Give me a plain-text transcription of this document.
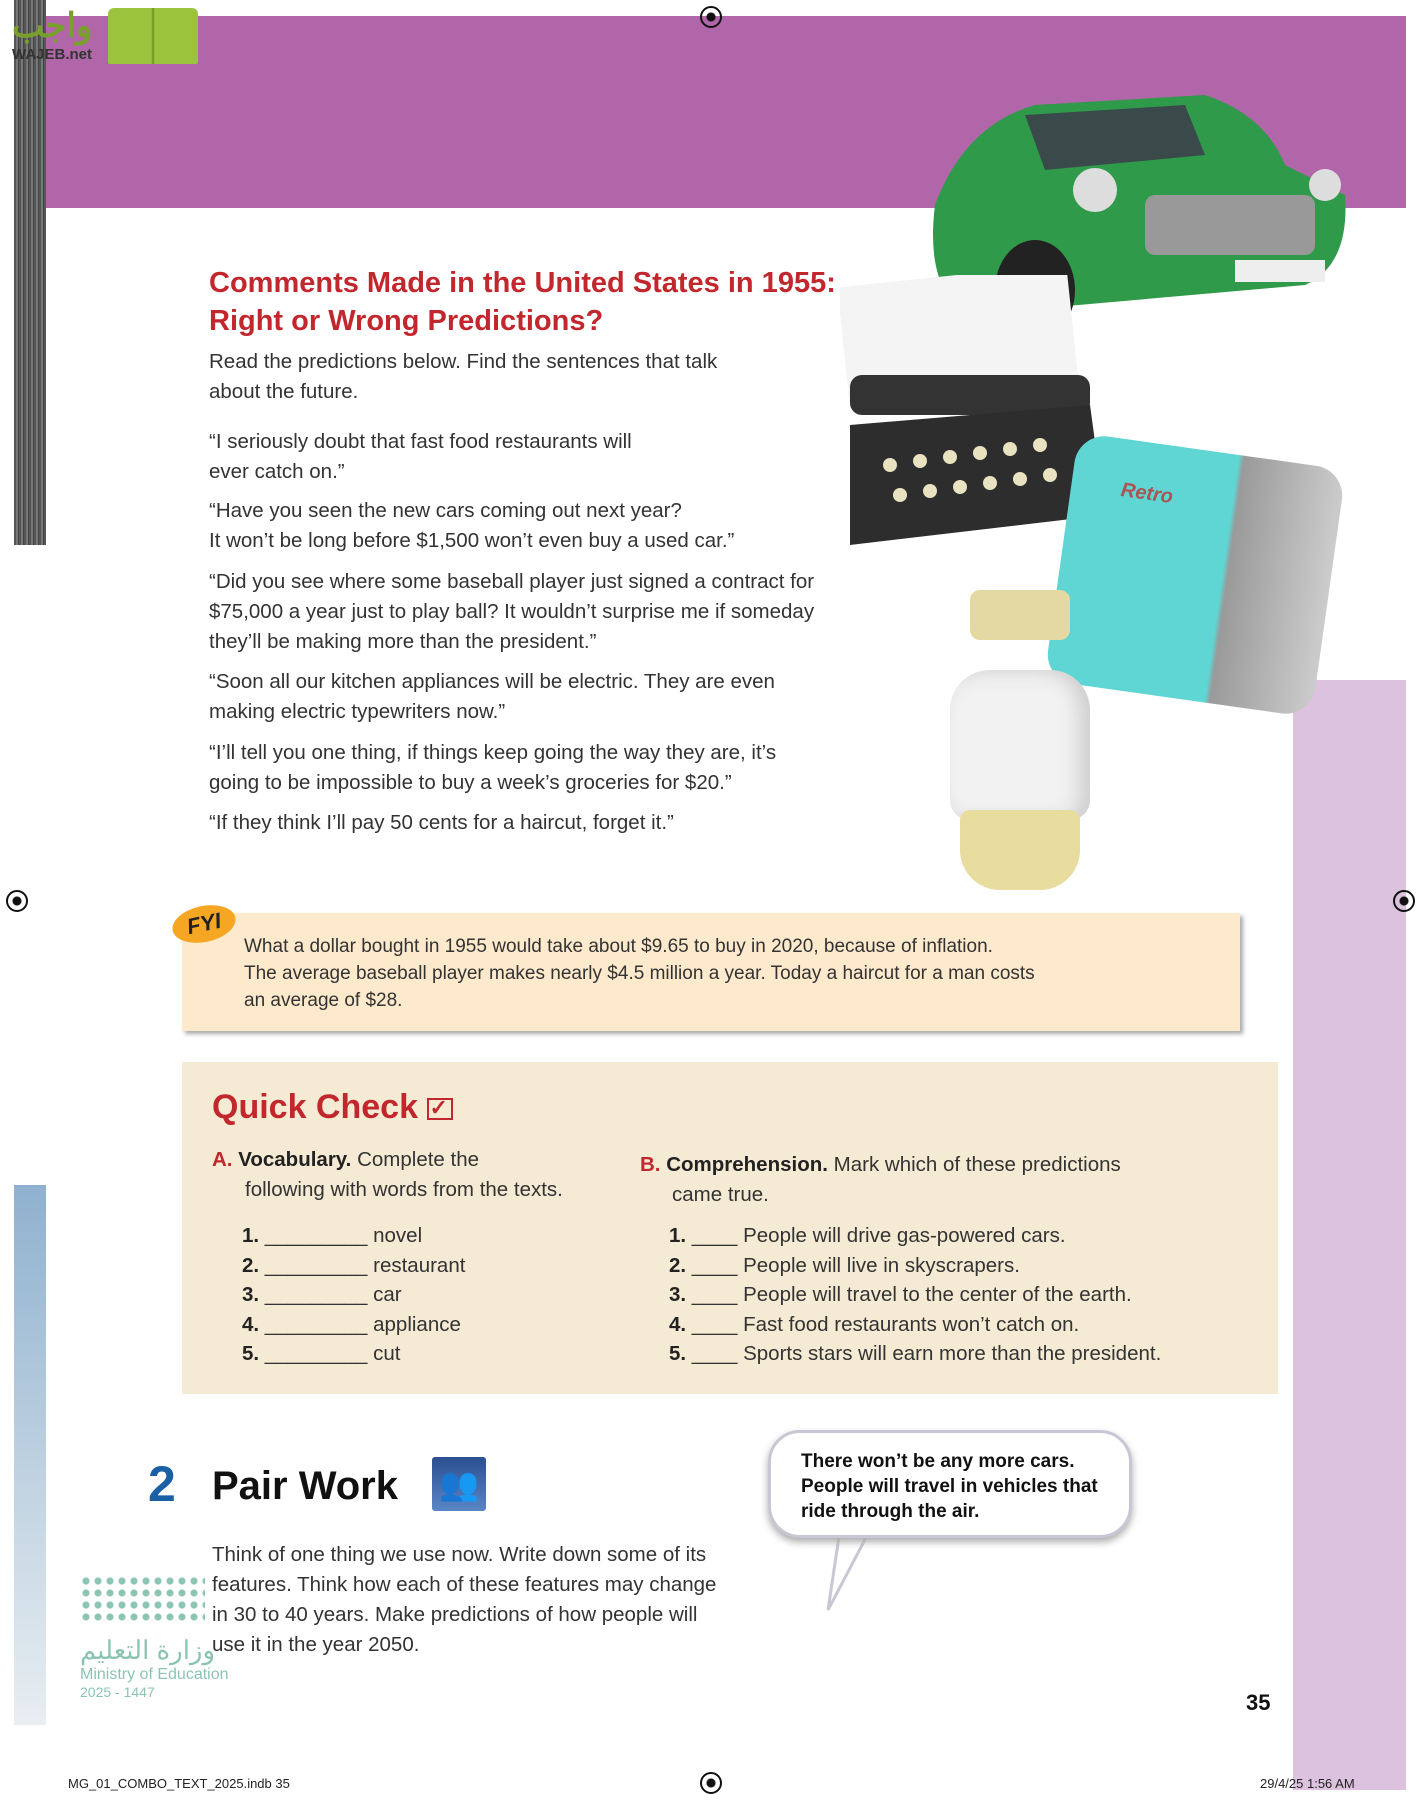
واجب
WAJEB.net
Retro
Comments Made in the United States in 1955:
Right or Wrong Predictions?
Read the predictions below. Find the sentences that talk
about the future.
“I seriously doubt that fast food restaurants will
ever catch on.”
“Have you seen the new cars coming out next year?
It won’t be long before $1,500 won’t even buy a used car.”
“Did you see where some baseball player just signed a contract for
$75,000 a year just to play ball? It wouldn’t surprise me if someday
they’ll be making more than the president.”
“Soon all our kitchen appliances will be electric. They are even
making electric typewriters now.”
“I’ll tell you one thing, if things keep going the way they are, it’s
going to be impossible to buy a week’s groceries for $20.”
“If they think I’ll pay 50 cents for a haircut, forget it.”
What a dollar bought in 1955 would take about $9.65 to buy in 2020, because of inflation.
The average baseball player makes nearly $4.5 million a year. Today a haircut for a man costs
an average of $28.
FYI
Quick Check ✓
A. Vocabulary. Complete the
following with words from the texts.
1. _________ novel
2. _________ restaurant
3. _________ car
4. _________ appliance
5. _________ cut
B. Comprehension. Mark which of these predictions
came true.
1. ____ People will drive gas-powered cars.
2. ____ People will live in skyscrapers.
3. ____ People will travel to the center of the earth.
4. ____ Fast food restaurants won’t catch on.
5. ____ Sports stars will earn more than the president.
وزارة التعليم
Ministry of Education
2025 - 1447
2 Pair Work 👥
Think of one thing we use now. Write down some of its
features. Think how each of these features may change
in 30 to 40 years. Make predictions of how people will
use it in the year 2050.
There won’t be any more cars.
People will travel in vehicles that
ride through the air.
35
MG_01_COMBO_TEXT_2025.indb 35	29/4/25 1:56 AM
